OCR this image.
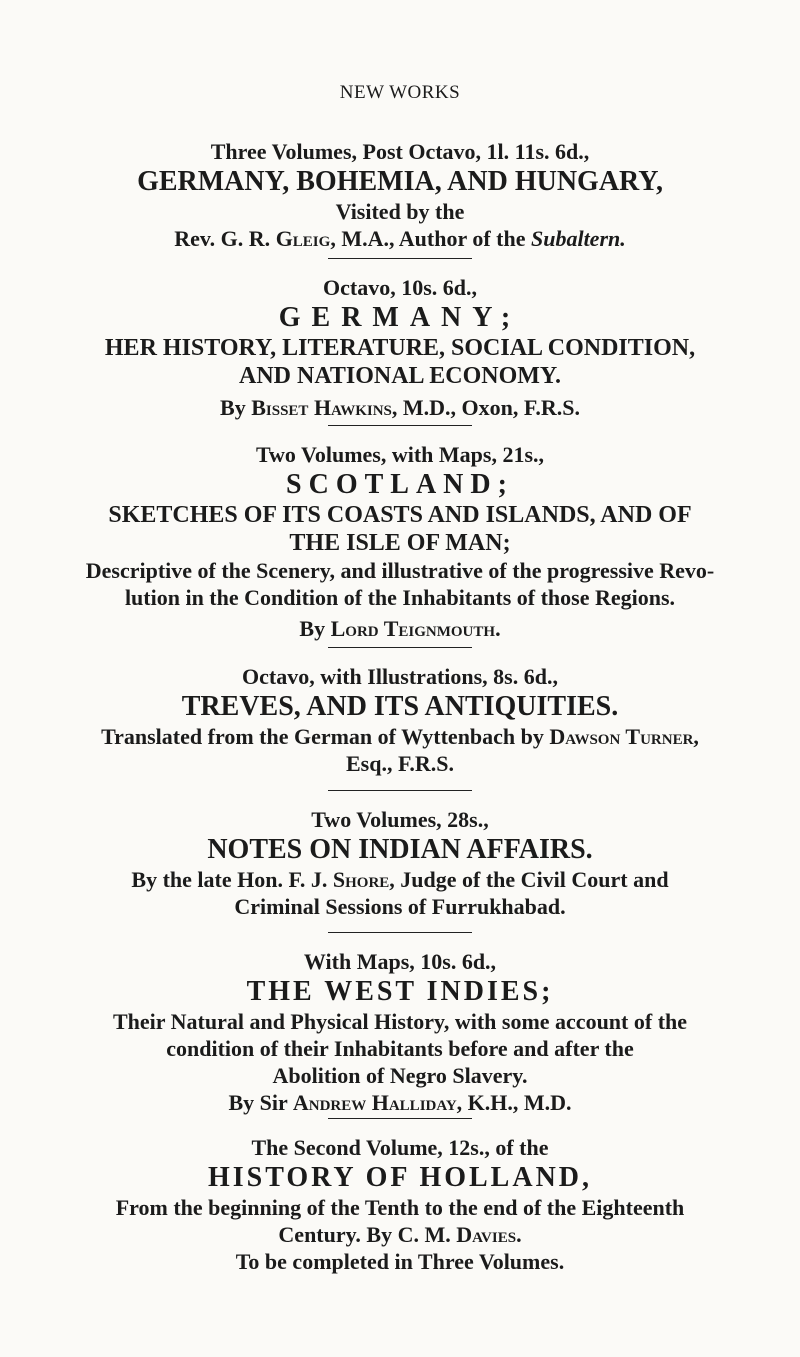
NEW WORKS
Three Volumes, Post Octavo, 1l. 11s. 6d.,
GERMANY, BOHEMIA, AND HUNGARY,
Visited by the
Rev. G. R. Gleig, M.A., Author of the Subaltern.
Octavo, 10s. 6d.,
GERMANY;
HER HISTORY, LITERATURE, SOCIAL CONDITION,
AND NATIONAL ECONOMY.
By Bisset Hawkins, M.D., Oxon, F.R.S.
Two Volumes, with Maps, 21s.,
SCOTLAND;
SKETCHES OF ITS COASTS AND ISLANDS, AND OF
THE ISLE OF MAN;
Descriptive of the Scenery, and illustrative of the progressive Revo-
lution in the Condition of the Inhabitants of those Regions.
By Lord Teignmouth.
Octavo, with Illustrations, 8s. 6d.,
TREVES, AND ITS ANTIQUITIES.
Translated from the German of Wyttenbach by Dawson Turner,
Esq., F.R.S.
Two Volumes, 28s.,
NOTES ON INDIAN AFFAIRS.
By the late Hon. F. J. Shore, Judge of the Civil Court and
Criminal Sessions of Furrukhabad.
With Maps, 10s. 6d.,
THE WEST INDIES;
Their Natural and Physical History, with some account of the
condition of their Inhabitants before and after the
Abolition of Negro Slavery.
By Sir Andrew Halliday, K.H., M.D.
The Second Volume, 12s., of the
HISTORY OF HOLLAND,
From the beginning of the Tenth to the end of the Eighteenth
Century. By C. M. Davies.
To be completed in Three Volumes.
